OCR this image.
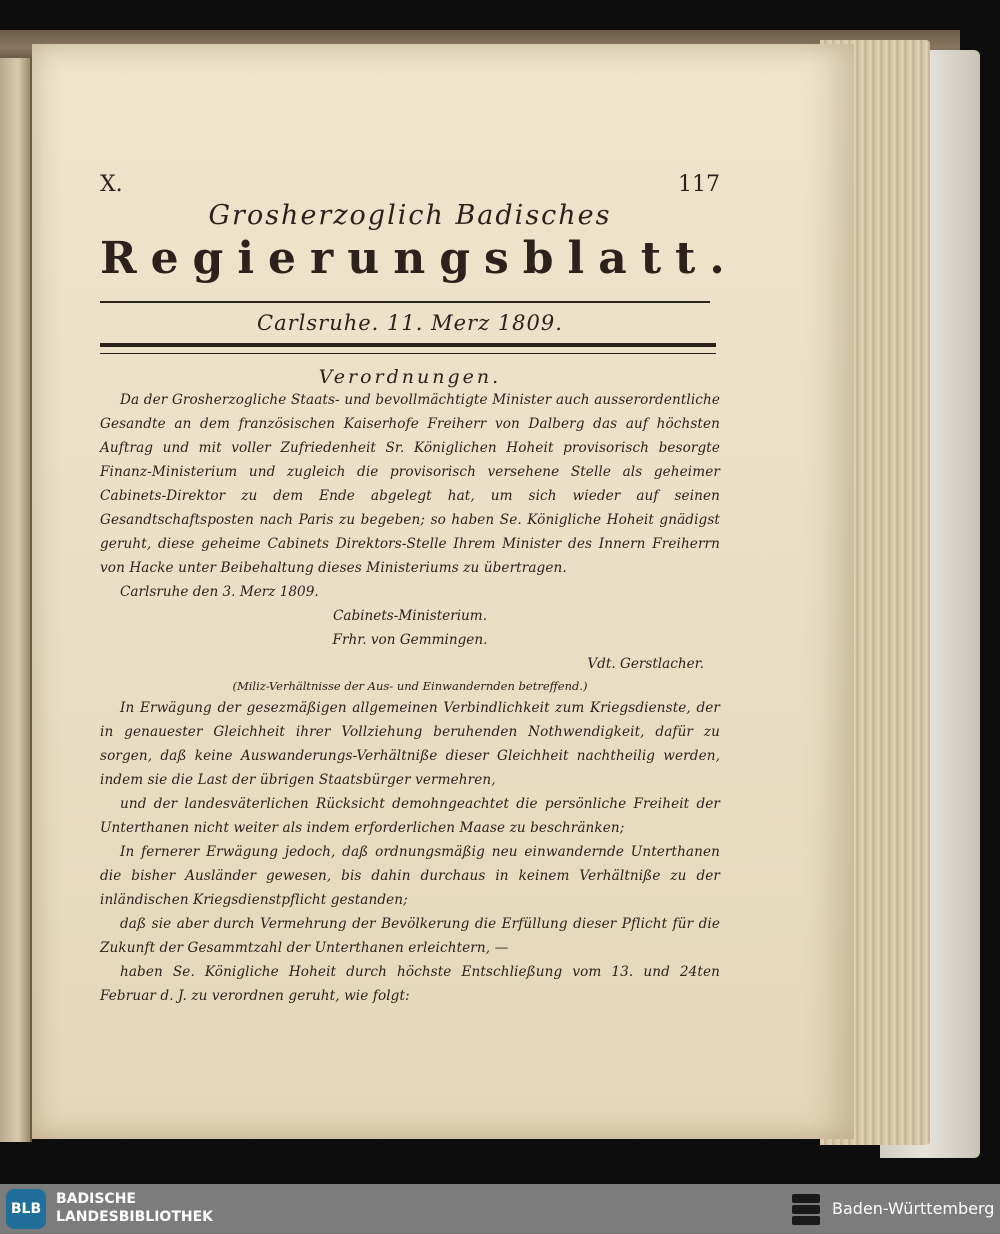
X.	117
Grosherzoglich Badisches
Regierungsblatt.
Carlsruhe. 11. Merz 1809.
Verordnungen.
Da der Grosherzogliche Staats- und bevollmächtigte Minister auch ausserordentliche Gesandte an dem französischen Kaiserhofe Freiherr von Dalberg das auf höchsten Auftrag und mit voller Zufriedenheit Sr. Königlichen Hoheit provisorisch besorgte Finanz-Ministerium und zugleich die provisorisch versehene Stelle als geheimer Cabinets-Direktor zu dem Ende abgelegt hat, um sich wieder auf seinen Gesandtschaftsposten nach Paris zu begeben; so haben Se. Königliche Hoheit gnädigst geruht, diese geheime Cabinets Direktors-Stelle Ihrem Minister des Innern Freiherrn von Hacke unter Beibehaltung dieses Ministeriums zu übertragen.
Carlsruhe den 3. Merz 1809.
Cabinets-Ministerium.
Frhr. von Gemmingen.
Vdt. Gerstlacher.
(Miliz-Verhältnisse der Aus- und Einwandernden betreffend.)
In Erwägung der gesezmäßigen allgemeinen Verbindlichkeit zum Kriegsdienste, der in genauester Gleichheit ihrer Vollziehung beruhenden Nothwendigkeit, dafür zu sorgen, daß keine Auswanderungs-Verhältniße dieser Gleichheit nachtheilig werden, indem sie die Last der übrigen Staatsbürger vermehren,
und der landesväterlichen Rücksicht demohngeachtet die persönliche Freiheit der Unterthanen nicht weiter als indem erforderlichen Maase zu beschränken;
In fernerer Erwägung jedoch, daß ordnungsmäßig neu einwandernde Unterthanen die bisher Ausländer gewesen, bis dahin durchaus in keinem Verhältniße zu der inländischen Kriegsdienstpflicht gestanden;
daß sie aber durch Vermehrung der Bevölkerung die Erfüllung dieser Pflicht für die Zukunft der Gesammtzahl der Unterthanen erleichtern, —
haben Se. Königliche Hoheit durch höchste Entschließung vom 13. und 24ten Februar d. J. zu verordnen geruht, wie folgt:
BLB
BADISCHE
LANDESBIBLIOTHEK	Baden-Württemberg
